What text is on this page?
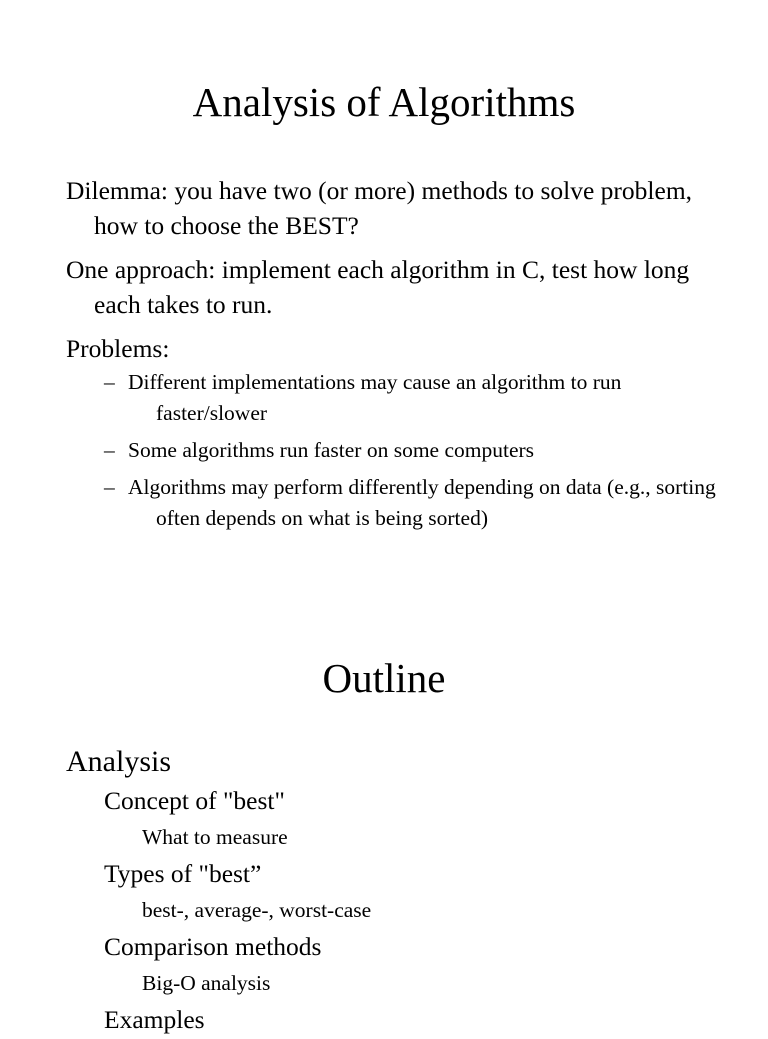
Analysis of Algorithms
Dilemma: you have two (or more) methods to solve problem, how to choose the BEST?
One approach: implement each algorithm in C, test how long each takes to run.
Problems:
– Different implementations may cause an algorithm to run faster/slower
– Some algorithms run faster on some computers
– Algorithms may perform differently depending on data (e.g., sorting often depends on what is being sorted)
Outline
Analysis
Concept of "best"
What to measure
Types of "best”
best-, average-, worst-case
Comparison methods
Big-O analysis
Examples
